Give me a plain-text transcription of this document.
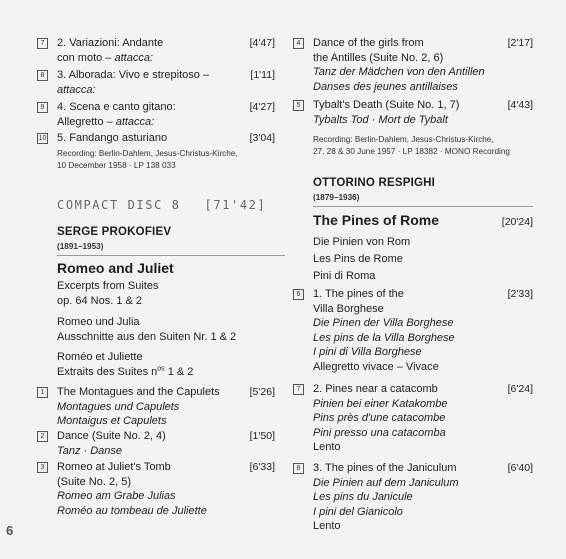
7	2. Variazioni: Andante
con moto – attacca:
[4'47]
8	3. Alborada: Vivo e strepitoso –
attacca:
[1'11]
9	4. Scena e canto gitano:
Allegretto – attacca:
[4'27]
10 5. Fandango asturiano	[3'04]
Recording: Berlin-Dahlem, Jesus-Christus-Kirche,
10 December 1958 · LP 138 033
COMPACT DISC 8 [71'42]
SERGE PROKOFIEV
(1891–1953)
Romeo and Juliet
Excerpts from Suites
op. 64 Nos. 1 & 2
Romeo und Julia
Ausschnitte aus den Suiten Nr. 1 & 2
Roméo et Juliette
Extraits des Suites $n^{os}$ 1 & 2
1	The Montagues and the Capulets
Montagues und Capulets
Montaigus et Capulets
[5'26]
2	Dance (Suite No. 2, 4)
Tanz · Danse
[1'50]
3	Romeo at Juliet's Tomb
(Suite No. 2, 5)
Romeo am Grabe Julias
Roméo au tombeau de Juliette
[6'33]
6
4	Dance of the girls from
the Antilles (Suite No. 2, 6)
Tanz der Mädchen von den Antillen
Danses des jeunes antillaises
[2'17]
5	Tybalt's Death (Suite No. 1, 7)
Tybalts Tod · Mort de Tybalt
[4'43]
Recording: Berlin-Dahlem, Jesus-Christus-Kirche,
27, 28 & 30 June 1957 · LP 18382 · MONO Recording
OTTORINO RESPIGHI
(1879–1936)
The Pines of Rome	[20'24]
Die Pinien von Rom
Les Pins de Rome
Pini di Roma
6	1. The pines of the
Villa Borghese
Die Pinen der Villa Borghese
Les pins de la Villa Borghese
I pini di Villa Borghese
Allegretto vivace – Vivace
[2'33]
7	2. Pines near a catacomb
Pinien bei einer Katakombe
Pins près d'une catacombe
Pini presso una catacomba
Lento
[6'24]
8	3. The pines of the Janiculum
Die Pinien auf dem Janiculum
Les pins du Janicule
I pini del Gianicolo
Lento
[6'40]
